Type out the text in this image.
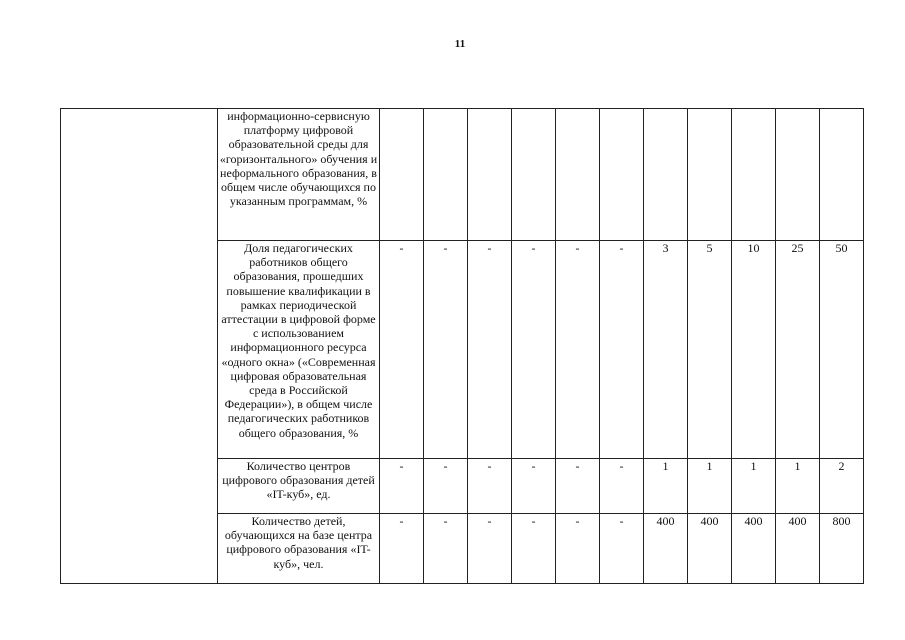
11
	информационно-сервисную платформу цифровой образовательной среды для «горизонтального» обучения и неформального образования, в общем числе обучающихся по указанным программам, %											
	Доля педагогических работников общего образования, прошедших повышение квалификации в рамках периодической аттестации в цифровой форме с использованием информационного ресурса «одного окна» («Современная цифровая образовательная среда в Российской Федерации»), в общем числе педагогических работников общего образования, %	-	-	-	-	-	-	3	5	10	25	50
	Количество центров цифрового образования детей «IT-куб», ед.	-	-	-	-	-	-	1	1	1	1	2
	Количество детей, обучающихся на базе центра цифрового образования «IT-куб», чел.	-	-	-	-	-	-	400	400	400	400	800
